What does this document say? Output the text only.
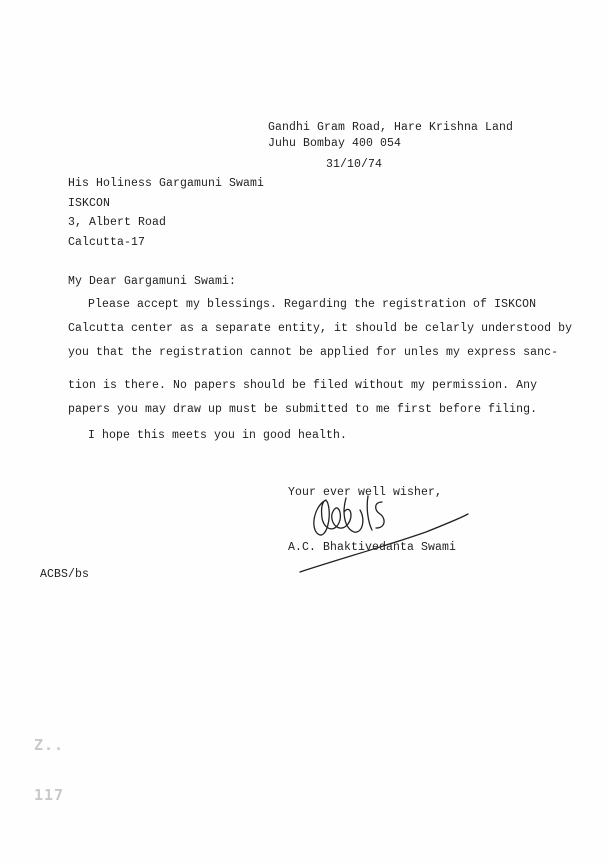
Gandhi Gram Road, Hare Krishna Land
Juhu Bombay 400 054
31/10/74
His Holiness Gargamuni Swami
ISKCON
3, Albert Road
Calcutta-17
My Dear Gargamuni Swami:
Please accept my blessings. Regarding the registration of ISKCON
Calcutta center as a separate entity, it should be celarly understood by
you that the registration cannot be applied for unles my express sanc-
tion is there. No papers should be filed without my permission. Any
papers you may draw up must be submitted to me first before filing.
I hope this meets you in good health.
Your ever well wisher,
A.C. Bhaktivedanta Swami
ACBS/bs
Z..
117
